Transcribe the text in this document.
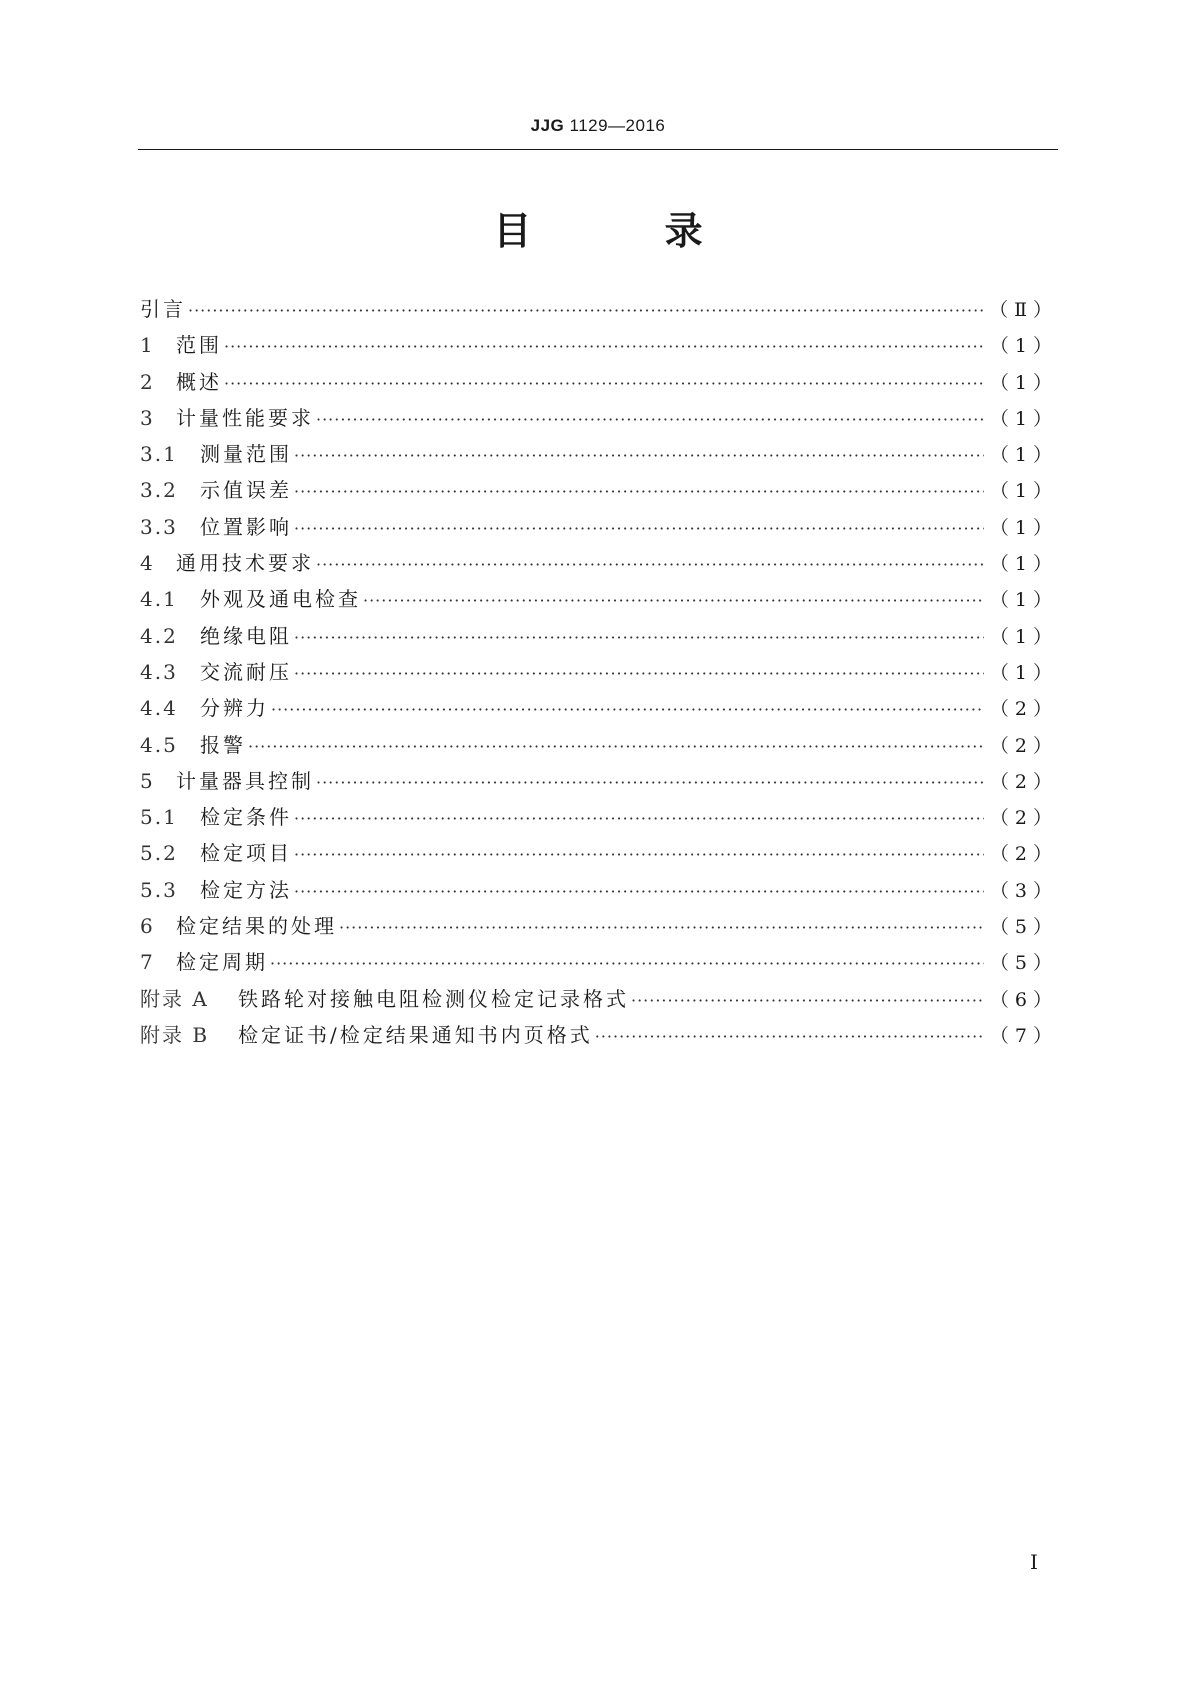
JJG 1129—2016
目 录
引言 ·····	（Ⅱ）
1	范围 ·····	（1）
2	概述 ·····	（1）
3	计量性能要求 ·····	（1）
3.1	测量范围 ·····	（1）
3.2	示值误差 ·····	（1）
3.3	位置影响 ·····	（1）
4	通用技术要求 ·····	（1）
4.1	外观及通电检查 ·····	（1）
4.2	绝缘电阻 ·····	（1）
4.3	交流耐压 ·····	（1）
4.4	分辨力 ·····	（2）
4.5	报警 ·····	（2）
5	计量器具控制 ·····	（2）
5.1	检定条件 ·····	（2）
5.2	检定项目 ·····	（2）
5.3	检定方法 ·····	（3）
6	检定结果的处理 ·····	（5）
7	检定周期 ·····	（5）
附录 A	铁路轮对接触电阻检测仪检定记录格式 ·····	（6）
附录 B	检定证书/检定结果通知书内页格式 ·····	（7）
I
